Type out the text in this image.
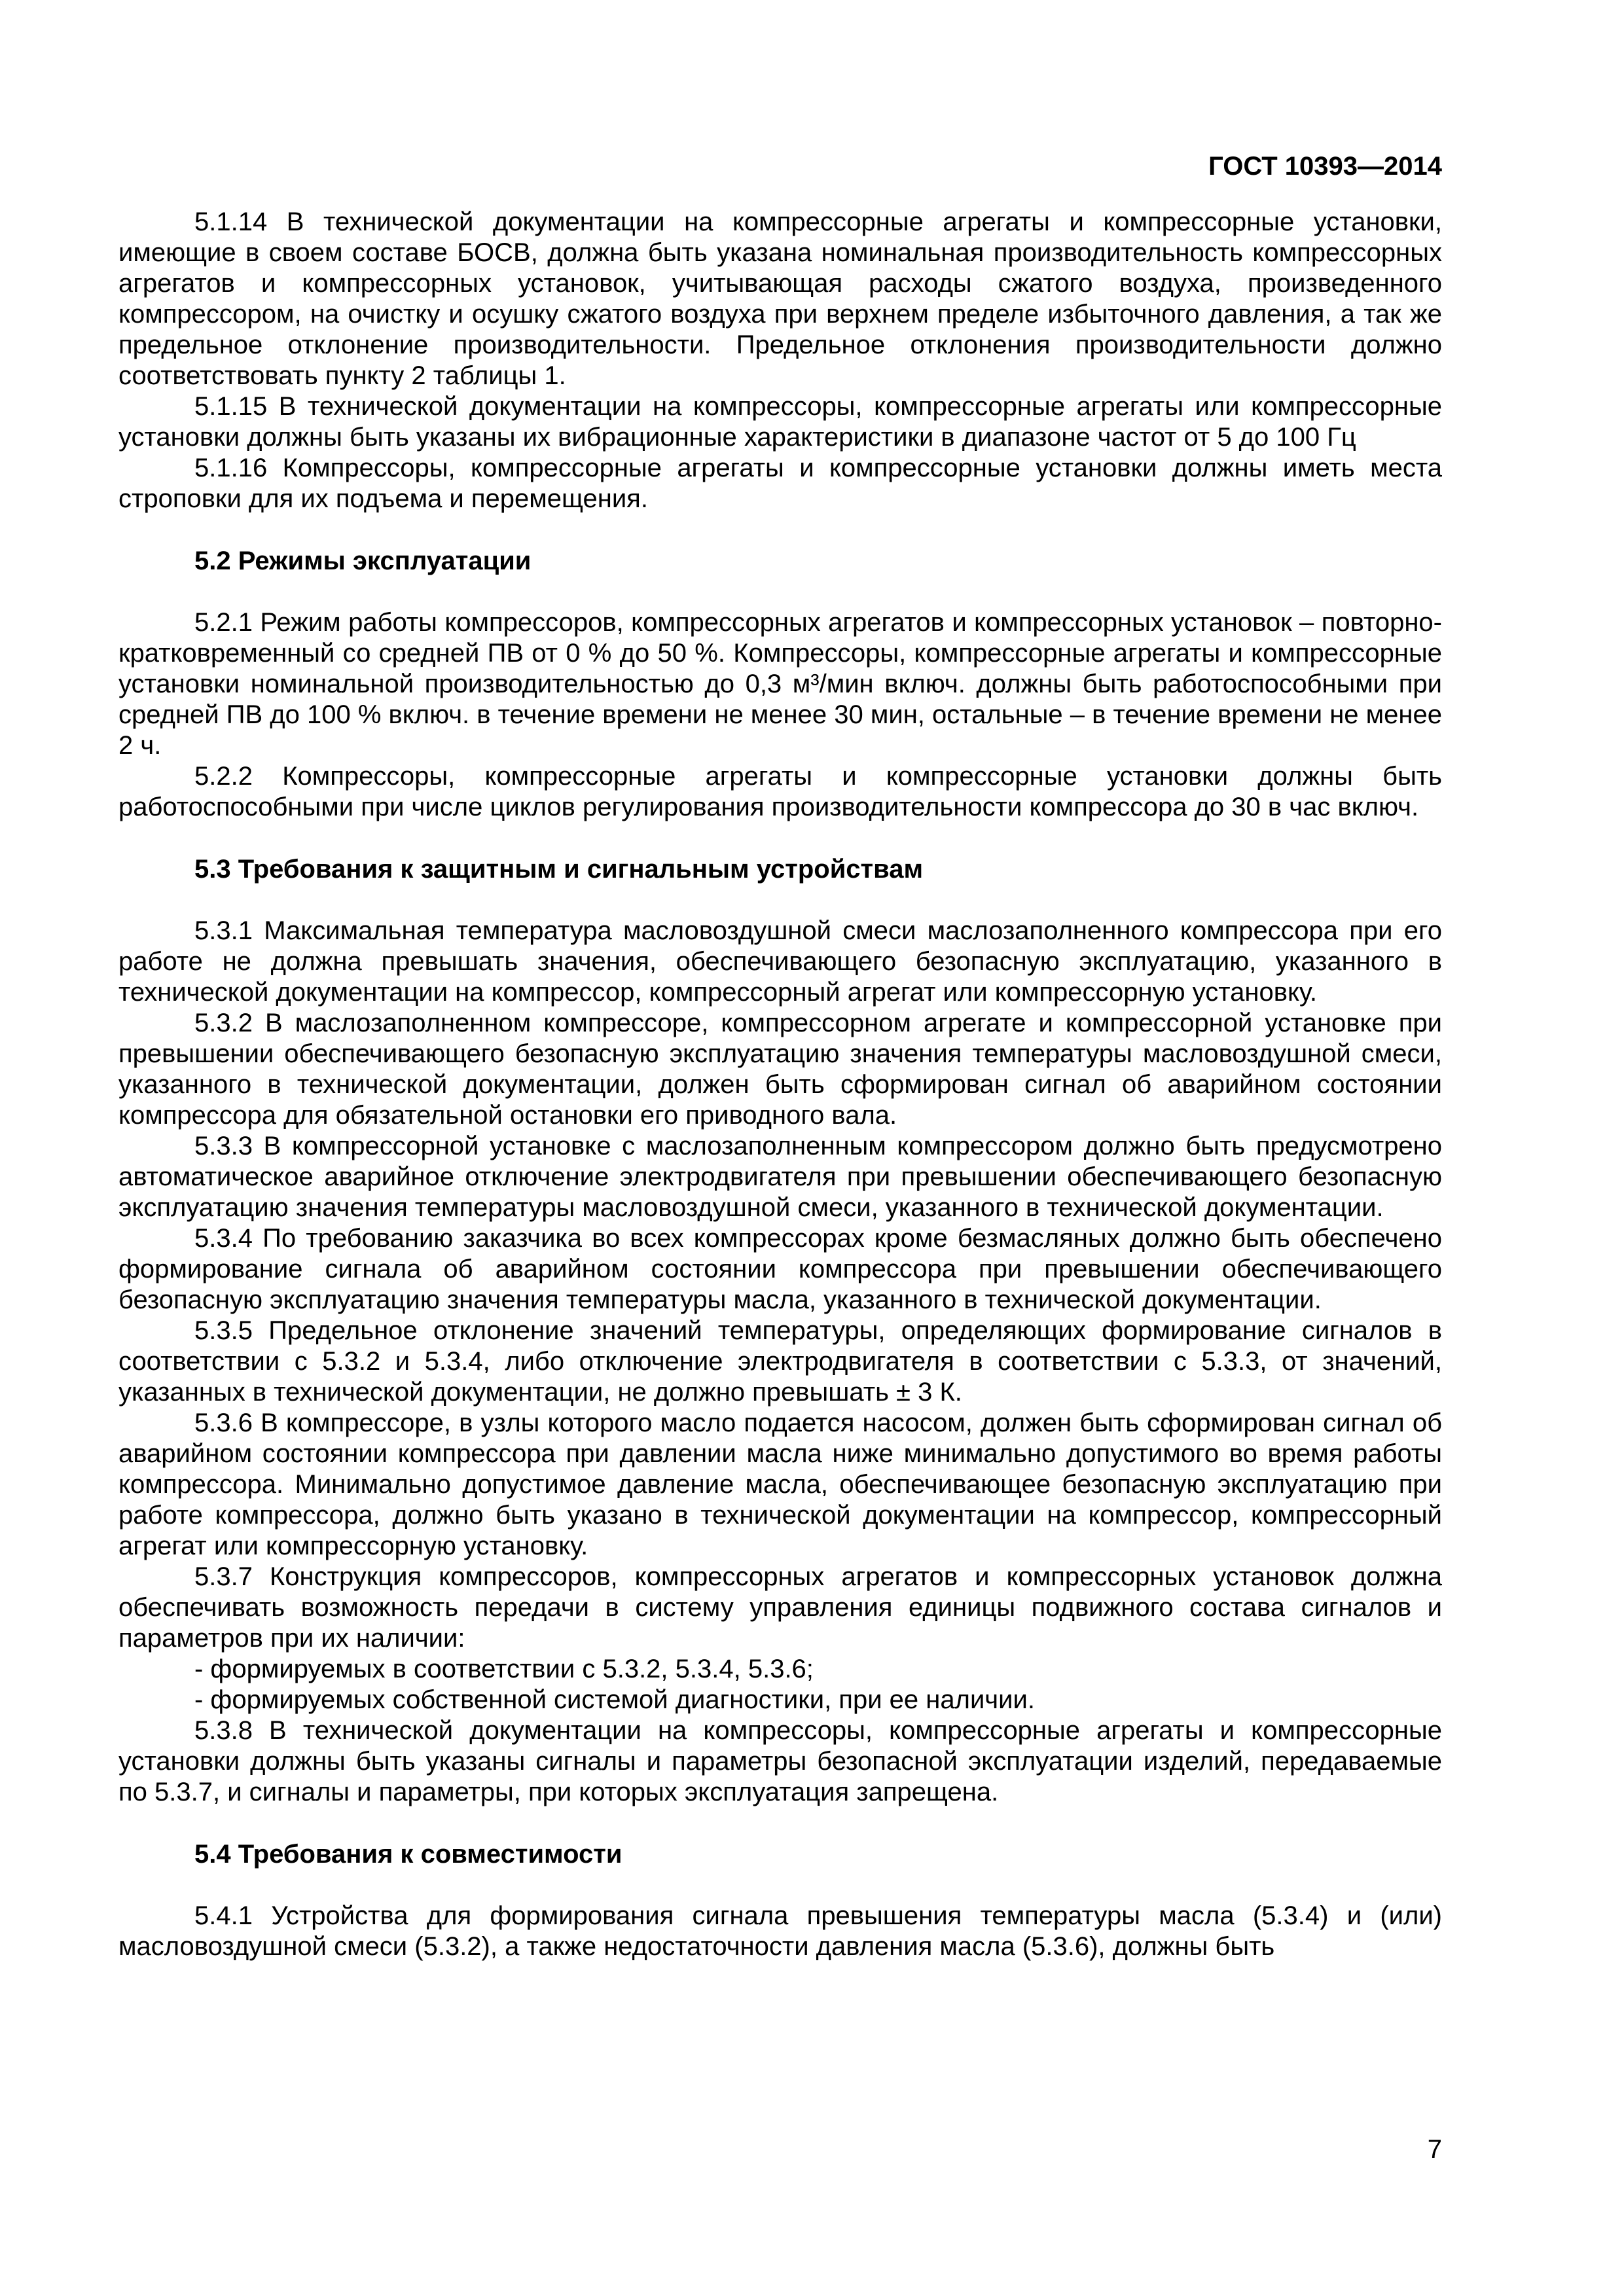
ГОСТ 10393—2014

5.1.14 В технической документации на компрессорные агрегаты и компрессорные установки, имеющие в своем составе БОСВ, должна быть указана номинальная производительность компрессорных агрегатов и компрессорных установок, учитывающая расходы сжатого воздуха, произведенного компрессором, на очистку и осушку сжатого воздуха при верхнем пределе избыточного давления, а так же предельное отклонение производительности. Предельное отклонения производительности должно соответствовать пункту 2 таблицы 1.

5.1.15 В технической документации на компрессоры, компрессорные агрегаты или компрессорные установки должны быть указаны их вибрационные характеристики в диапазоне частот от 5 до 100 Гц

5.1.16 Компрессоры, компрессорные агрегаты и компрессорные установки должны иметь места строповки для их подъема и перемещения.

5.2 Режимы эксплуатации

5.2.1 Режим работы компрессоров, компрессорных агрегатов и компрессорных установок – повторно-кратковременный со средней ПВ от 0 % до 50 %. Компрессоры, компрессорные агрегаты и компрессорные установки номинальной производительностью до 0,3 м³/мин включ. должны быть работоспособными при средней ПВ до 100 % включ. в течение времени не менее 30 мин, остальные – в течение времени не менее 2 ч.

5.2.2 Компрессоры, компрессорные агрегаты и компрессорные установки должны быть работоспособными при числе циклов регулирования производительности компрессора до 30 в час включ.

5.3 Требования к защитным и сигнальным устройствам

5.3.1 Максимальная температура масловоздушной смеси маслозаполненного компрессора при его работе не должна превышать значения, обеспечивающего безопасную эксплуатацию, указанного в технической документации на компрессор, компрессорный агрегат или компрессорную установку.

5.3.2 В маслозаполненном компрессоре, компрессорном агрегате и компрессорной установке при превышении обеспечивающего безопасную эксплуатацию значения температуры масловоздушной смеси, указанного в технической документации, должен быть сформирован сигнал об аварийном состоянии компрессора для обязательной остановки его приводного вала.

5.3.3 В компрессорной установке с маслозаполненным компрессором должно быть предусмотрено автоматическое аварийное отключение электродвигателя при превышении обеспечивающего безопасную эксплуатацию значения температуры масловоздушной смеси, указанного в технической документации.

5.3.4 По требованию заказчика во всех компрессорах кроме безмасляных должно быть обеспечено формирование сигнала об аварийном состоянии компрессора при превышении обеспечивающего безопасную эксплуатацию значения температуры масла, указанного в технической документации.

5.3.5 Предельное отклонение значений температуры, определяющих формирование сигналов в соответствии с 5.3.2 и 5.3.4, либо отключение электродвигателя в соответствии с 5.3.3, от значений, указанных в технической документации, не должно превышать ± 3 К.

5.3.6 В компрессоре, в узлы которого масло подается насосом, должен быть сформирован сигнал об аварийном состоянии компрессора при давлении масла ниже минимально допустимого во время работы компрессора. Минимально допустимое давление масла, обеспечивающее безопасную эксплуатацию при работе компрессора, должно быть указано в технической документации на компрессор, компрессорный агрегат или компрессорную установку.

5.3.7 Конструкция компрессоров, компрессорных агрегатов и компрессорных установок должна обеспечивать возможность передачи в систему управления единицы подвижного состава сигналов и параметров при их наличии:

- формируемых в соответствии с 5.3.2, 5.3.4, 5.3.6;

- формируемых собственной системой диагностики, при ее наличии.

5.3.8 В технической документации на компрессоры, компрессорные агрегаты и компрессорные установки должны быть указаны сигналы и параметры безопасной эксплуатации изделий, передаваемые по 5.3.7, и сигналы и параметры, при которых эксплуатация запрещена.

5.4 Требования к совместимости

5.4.1 Устройства для формирования сигнала превышения температуры масла (5.3.4) и (или) масловоздушной смеси (5.3.2), а также недостаточности давления масла (5.3.6), должны быть

7
